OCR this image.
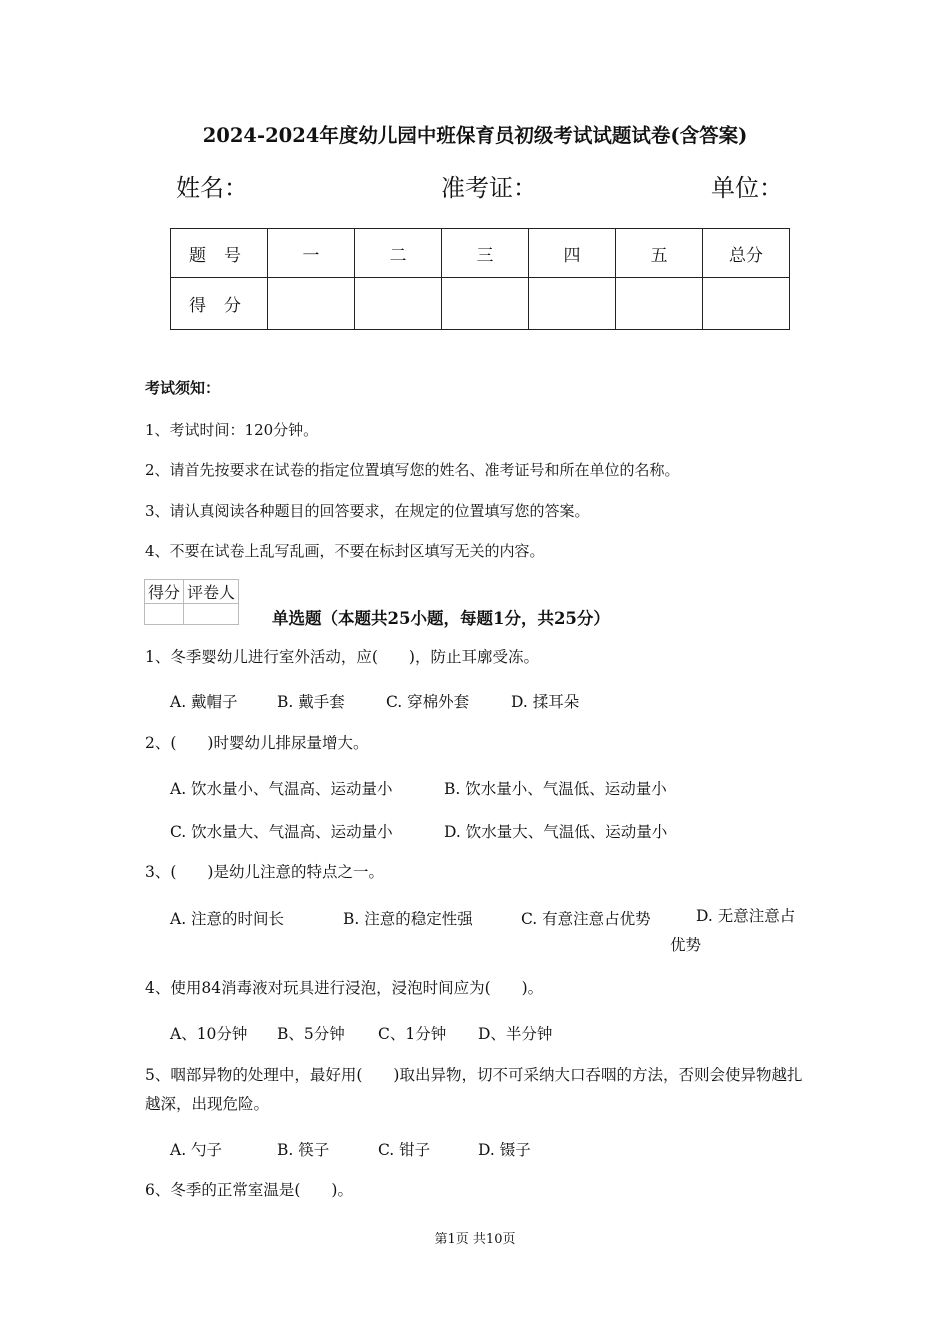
2024-2024年度幼儿园中班保育员初级考试试题试卷(含答案)
姓名：	准考证：	单位：
题号	一	二	三	四	五	总分
得分						
考试须知：
1、考试时间：120分钟。
2、请首先按要求在试卷的指定位置填写您的姓名、准考证号和所在单位的名称。
3、请认真阅读各种题目的回答要求，在规定的位置填写您的答案。
4、不要在试卷上乱写乱画，不要在标封区填写无关的内容。
得分	评卷人

单选题（本题共25小题，每题1分，共25分）
1、冬季婴幼儿进行室外活动，应(　　)，防止耳廓受冻。
A. 戴帽子	B. 戴手套	C. 穿棉外套	D. 揉耳朵
2、(　　)时婴幼儿排尿量增大。
A. 饮水量小、气温高、运动量小	B. 饮水量小、气温低、运动量小
C. 饮水量大、气温高、运动量小	D. 饮水量大、气温低、运动量小
3、(　　)是幼儿注意的特点之一。
A. 注意的时间长	B. 注意的稳定性强	C. 有意注意占优势	D. 无意注意占优势
4、使用84消毒液对玩具进行浸泡，浸泡时间应为(　　)。
A、10分钟 B、5分钟 C、1分钟 D、半分钟
5、咽部异物的处理中，最好用(　　)取出异物，切不可采纳大口吞咽的方法，否则会使异物越扎越深，出现危险。
A. 勺子	B. 筷子	C. 钳子	D. 镊子
6、冬季的正常室温是(　　)。
第1页 共10页
